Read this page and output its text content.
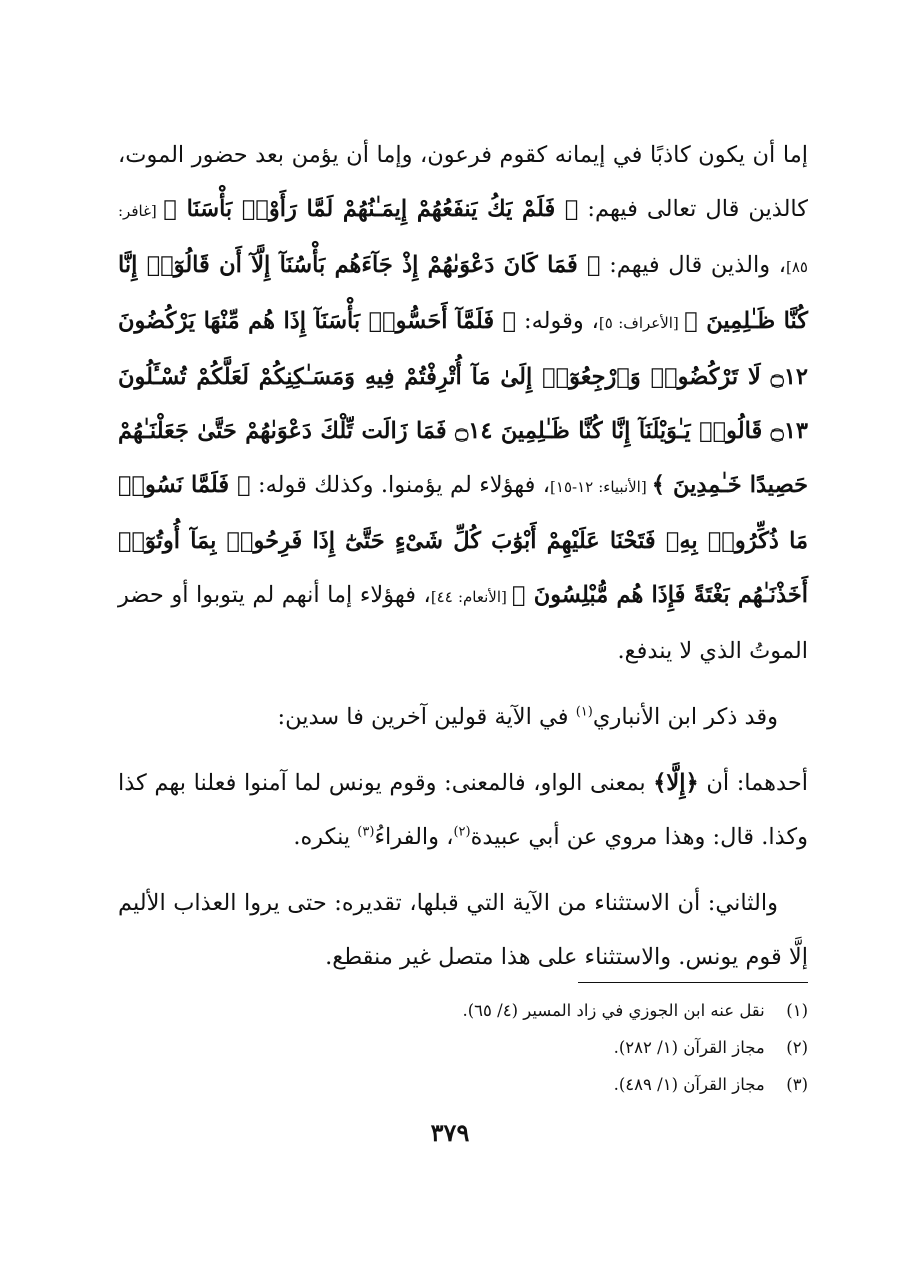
إما أن يكون كاذبًا في إيمانه كقوم فرعون، وإما أن يؤمن بعد حضور الموت، كالذين قال تعالى فيهم: ﴿ فَلَمْ يَكُ يَنفَعُهُمْ إِيمَـٰنُهُمْ لَمَّا رَأَوْا۟ بَأْسَنَا ﴾ [غافر: ٨٥]، والذين قال فيهم: ﴿ فَمَا كَانَ دَعْوَىٰهُمْ إِذْ جَآءَهُم بَأْسُنَآ إِلَّآ أَن قَالُوٓا۟ إِنَّا كُنَّا ظَـٰلِمِينَ ﴾ [الأعراف: ٥]، وقوله: ﴿ فَلَمَّآ أَحَسُّوا۟ بَأْسَنَآ إِذَا هُم مِّنْهَا يَرْكُضُونَ ۝١٢ لَا تَرْكُضُوا۟ وَٱرْجِعُوٓا۟ إِلَىٰ مَآ أُتْرِفْتُمْ فِيهِ وَمَسَـٰكِنِكُمْ لَعَلَّكُمْ تُسْـَٔلُونَ ۝١٣ قَالُوا۟ يَـٰوَيْلَنَآ إِنَّا كُنَّا ظَـٰلِمِينَ ۝١٤ فَمَا زَالَت تِّلْكَ دَعْوَىٰهُمْ حَتَّىٰ جَعَلْنَـٰهُمْ حَصِيدًا خَـٰمِدِينَ ﴾ [الأنبياء: ١٢-١٥]، فهؤلاء لم يؤمنوا. وكذلك قوله: ﴿ فَلَمَّا نَسُوا۟ مَا ذُكِّرُوا۟ بِهِۦ فَتَحْنَا عَلَيْهِمْ أَبْوَٰبَ كُلِّ شَىْءٍ حَتَّىٰٓ إِذَا فَرِحُوا۟ بِمَآ أُوتُوٓا۟ أَخَذْنَـٰهُم بَغْتَةً فَإِذَا هُم مُّبْلِسُونَ ﴾ [الأنعام: ٤٤]، فهؤلاء إما أنهم لم يتوبوا أو حضر الموتُ الذي لا يندفع.

وقد ذكر ابن الأنباري$^{(١)}$ في الآية قولين آخرين فا سدين:

أحدهما: أن ﴿إِلَّا﴾ بمعنى الواو، فالمعنى: وقوم يونس لما آمنوا فعلنا بهم كذا وكذا. قال: وهذا مروي عن أبي عبيدة$^{(٢)}$، والفراءُ$^{(٣)}$ ينكره.

والثاني: أن الاستثناء من الآية التي قبلها، تقديره: حتى يروا العذاب الأليم إلَّا قوم يونس. والاستثناء على هذا متصل غير منقطع.

(١) نقل عنه ابن الجوزي في زاد المسير (٤/ ٦٥).
(٢) مجاز القرآن (١/ ٢٨٢).
(٣) مجاز القرآن (١/ ٤٨٩).
٣٧٩
